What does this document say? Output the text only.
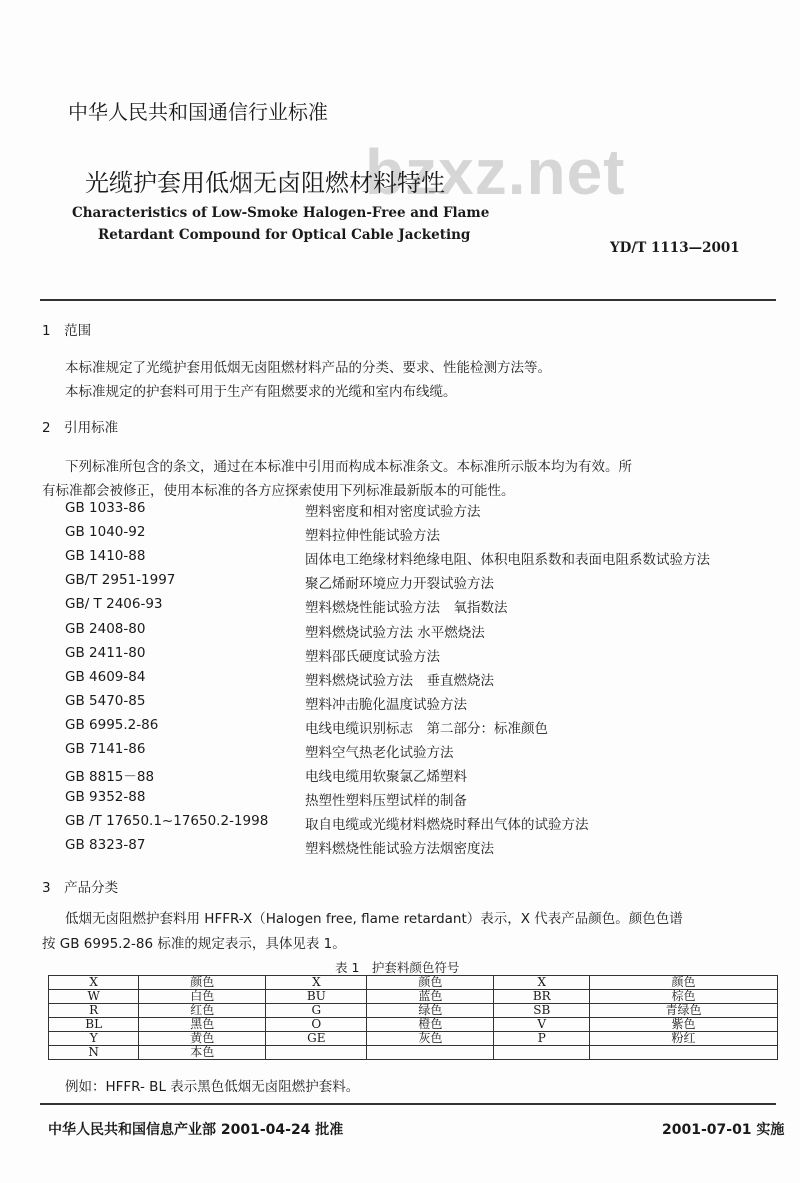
bzxz.net
中华人民共和国通信行业标准
光缆护套用低烟无卤阻燃材料特性
Characteristics of Low-Smoke Halogen-Free and Flame
Retardant Compound for Optical Cable Jacketing
YD/T 1113—2001
1　范围
本标准规定了光缆护套用低烟无卤阻燃材料产品的分类、要求、性能检测方法等。
本标准规定的护套料可用于生产有阻燃要求的光缆和室内布线缆。
2　引用标准
下列标准所包含的条文，通过在本标准中引用而构成本标准条文。本标准所示版本均为有效。所
有标准都会被修正，使用本标准的各方应探索使用下列标准最新版本的可能性。
GB 1033-86	塑料密度和相对密度试验方法
GB 1040-92	塑料拉伸性能试验方法
GB 1410-88	固体电工绝缘材料绝缘电阻、体积电阻系数和表面电阻系数试验方法
GB/T 2951-1997	聚乙烯耐环境应力开裂试验方法
GB/ T 2406-93	塑料燃烧性能试验方法　氧指数法
GB 2408-80	塑料燃烧试验方法 水平燃烧法
GB 2411-80	塑料邵氏硬度试验方法
GB 4609-84	塑料燃烧试验方法　垂直燃烧法
GB 5470-85	塑料冲击脆化温度试验方法
GB 6995.2-86	电线电缆识别标志　第二部分：标准颜色
GB 7141-86	塑料空气热老化试验方法
GB 8815－88	电线电缆用软聚氯乙烯塑料
GB 9352-88	热塑性塑料压塑试样的制备
GB /T 17650.1~17650.2-1998	取自电缆或光缆材料燃烧时释出气体的试验方法
GB 8323-87	塑料燃烧性能试验方法烟密度法
3　产品分类
低烟无卤阻燃护套料用 HFFR-X（Halogen free, flame retardant）表示，X 代表产品颜色。颜色色谱
按 GB 6995.2-86 标准的规定表示，具体见表 1。
表 1　护套料颜色符号
X	颜色	X	颜色	X	颜色
W	白色	BU	蓝色	BR	棕色
R	红色	G	绿色	SB	青绿色
BL	黑色	O	橙色	V	紫色
Y	黄色	GE	灰色	P	粉红
N	本色				
例如：HFFR- BL 表示黑色低烟无卤阻燃护套料。
中华人民共和国信息产业部 2001-04-24 批准	2001-07-01 实施
